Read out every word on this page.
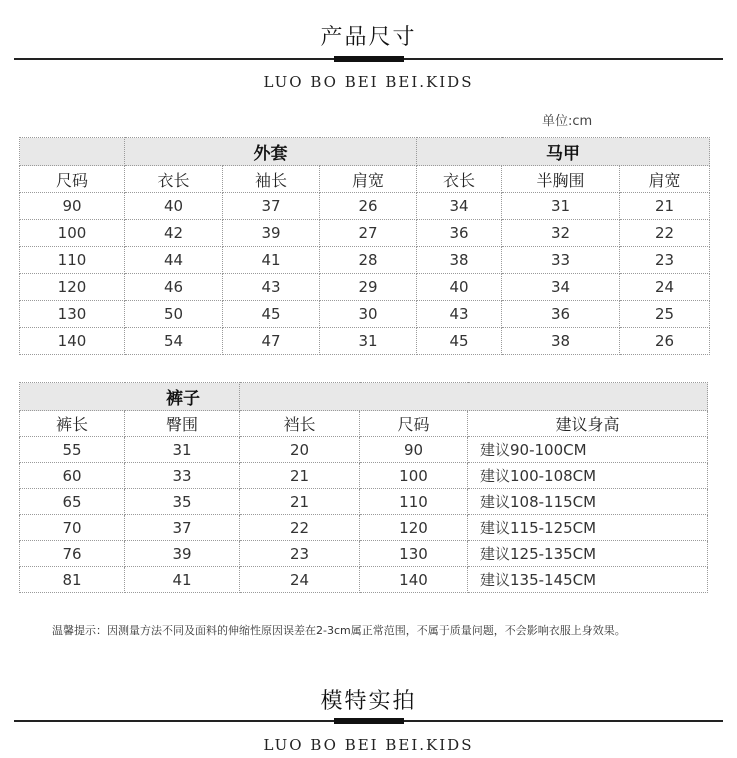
产品尺寸
LUO BO BEI BEI.KIDS
单位:cm
	外套			马甲		
尺码	衣长	袖长	肩宽	衣长	半胸围	肩宽
90	40	37	26	34	31	21
100	42	39	27	36	32	22
110	44	41	28	38	33	23
120	46	43	29	40	34	24
130	50	45	30	43	36	25
140	54	47	31	45	38	26
裤子				
裤长	臀围	裆长	尺码	建议身高
55	31	20	90	建议90-100CM
60	33	21	100	建议100-108CM
65	35	21	110	建议108-115CM
70	37	22	120	建议115-125CM
76	39	23	130	建议125-135CM
81	41	24	140	建议135-145CM
温馨提示：因测量方法不同及面料的伸缩性原因误差在2-3cm属正常范围，不属于质量问题，不会影响衣服上身效果。
模特实拍
LUO BO BEI BEI.KIDS
